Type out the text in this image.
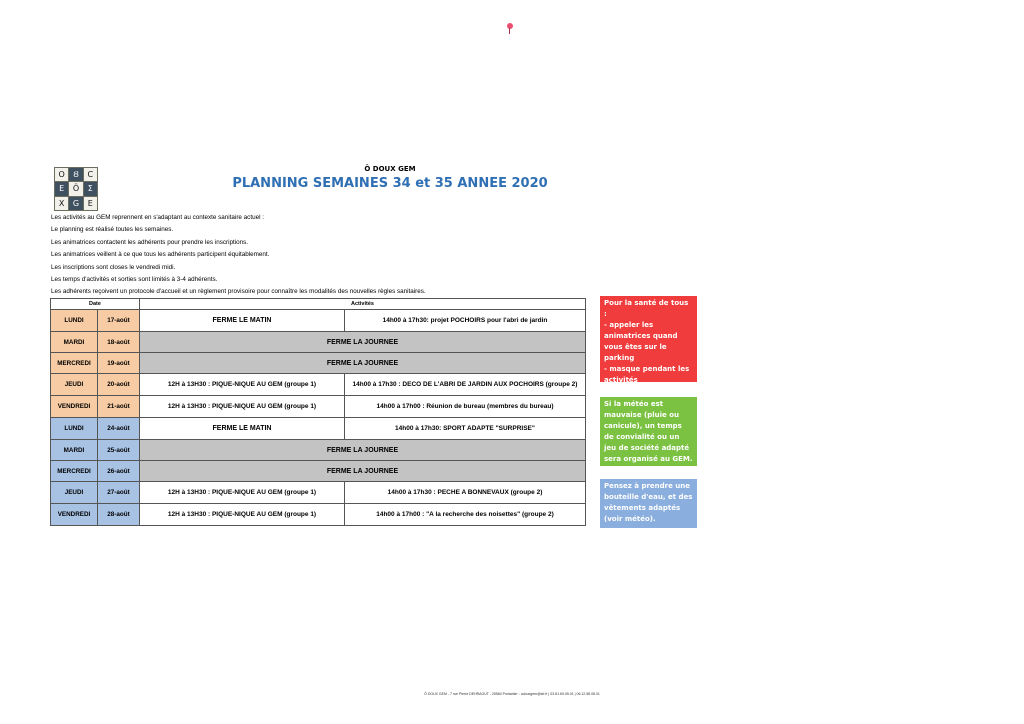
O	Ȣ	C
E	Ӧ	Σ
X	G	E
Ô DOUX GEM
PLANNING SEMAINES 34 et 35 ANNEE 2020
Les activités au GEM reprennent en s'adaptant au contexte sanitaire actuel :
Le planning est réalisé toutes les semaines.
Les animatrices contactent les adhérents pour prendre les inscriptions.
Les animatrices veillent à ce que tous les adhérents participent équitablement.
Les inscriptions sont closes le vendredi midi.
Les temps d'activités et sorties sont limités à 3-4 adhérents.
Les adhérents reçoivent un protocole d'accueil et un règlement provisoire pour connaître les modalités des nouvelles règles sanitaires.
Date		Activités	
LUNDI	17-août	FERME LE MATIN	14h00 à 17h30: projet POCHOIRS pour l'abri de jardin
MARDI	18-août	FERME LA JOURNEE	
MERCREDI	19-août	FERME LA JOURNEE	
JEUDI	20-août	12H à 13H30 : PIQUE-NIQUE AU GEM (groupe 1)	14h00 à 17h30 : DECO DE L'ABRI DE JARDIN AUX POCHOIRS (groupe 2)
VENDREDI	21-août	12H à 13H30 : PIQUE-NIQUE AU GEM (groupe 1)	14h00 à 17h00 : Réunion de bureau (membres du bureau)
LUNDI	24-août	FERME LE MATIN	14h00 à 17h30: SPORT ADAPTE "SURPRISE"
MARDI	25-août	FERME LA JOURNEE	
MERCREDI	26-août	FERME LA JOURNEE	
JEUDI	27-août	12H à 13H30 : PIQUE-NIQUE AU GEM (groupe 1)	14h00 à 17h30 : PECHE A BONNEVAUX (groupe 2)
VENDREDI	28-août	12H à 13H30 : PIQUE-NIQUE AU GEM (groupe 1)	14h00 à 17h00 : "A la recherche des noisettes" (groupe 2)
Pour la santé de tous :
- appeler les animatrices quand vous êtes sur le parking
- masque pendant les activités
- mains lavées en
Si la météo est mauvaise (pluie ou canicule), un temps de convialité ou un jeu de société adapté sera organisé au GEM.
Pensez à prendre une bouteille d'eau, et des vêtements adaptés (voir météo).
Ô DOUX GEM - 7 rue Pierre DEHRAOUT - 25560 Pontarlier - odouxgem@sfr.fr | 03.81.69.05.01 | 06.12.58.08.01
